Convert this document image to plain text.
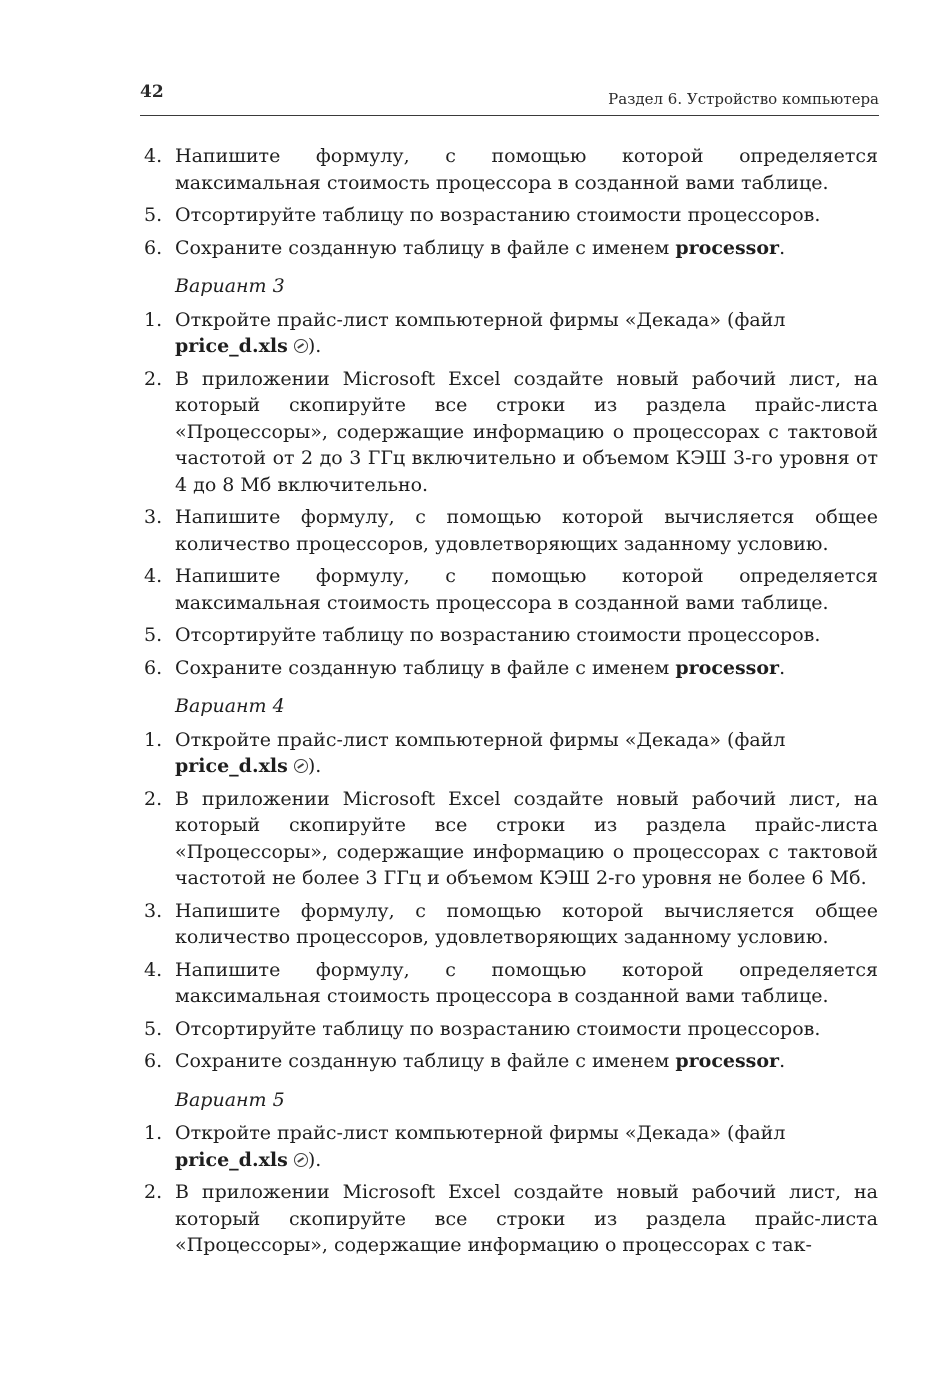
42	Раздел 6. Устройство компьютера
4. Напишите формулу, с помощью которой определяется максимальная стоимость процессора в созданной вами таблице.
5. Отсортируйте таблицу по возрастанию стоимости процессоров.
6. Сохраните созданную таблицу в файле с именем processor.
Вариант 3
1. Откройте прайс-лист компьютерной фирмы «Декада» (файл
price_d.xls ).
2. В приложении Microsoft Excel создайте новый рабочий лист, на который скопируйте все строки из раздела прайс-листа «Процессоры», содержащие информацию о процессорах с тактовой частотой от 2 до 3 ГГц включительно и объемом КЭШ 3-го уровня от 4 до 8 Мб включительно.
3. Напишите формулу, с помощью которой вычисляется общее количество процессоров, удовлетворяющих заданному условию.
4. Напишите формулу, с помощью которой определяется максимальная стоимость процессора в созданной вами таблице.
5. Отсортируйте таблицу по возрастанию стоимости процессоров.
6. Сохраните созданную таблицу в файле с именем processor.
Вариант 4
1. Откройте прайс-лист компьютерной фирмы «Декада» (файл
price_d.xls ).
2. В приложении Microsoft Excel создайте новый рабочий лист, на который скопируйте все строки из раздела прайс-листа «Процессоры», содержащие информацию о процессорах с тактовой частотой не более 3 ГГц и объемом КЭШ 2-го уровня не более 6 Мб.
3. Напишите формулу, с помощью которой вычисляется общее количество процессоров, удовлетворяющих заданному условию.
4. Напишите формулу, с помощью которой определяется максимальная стоимость процессора в созданной вами таблице.
5. Отсортируйте таблицу по возрастанию стоимости процессоров.
6. Сохраните созданную таблицу в файле с именем processor.
Вариант 5
1. Откройте прайс-лист компьютерной фирмы «Декада» (файл
price_d.xls ).
2. В приложении Microsoft Excel создайте новый рабочий лист, на который скопируйте все строки из раздела прайс-листа «Процессоры», содержащие информацию о процессорах с так-
